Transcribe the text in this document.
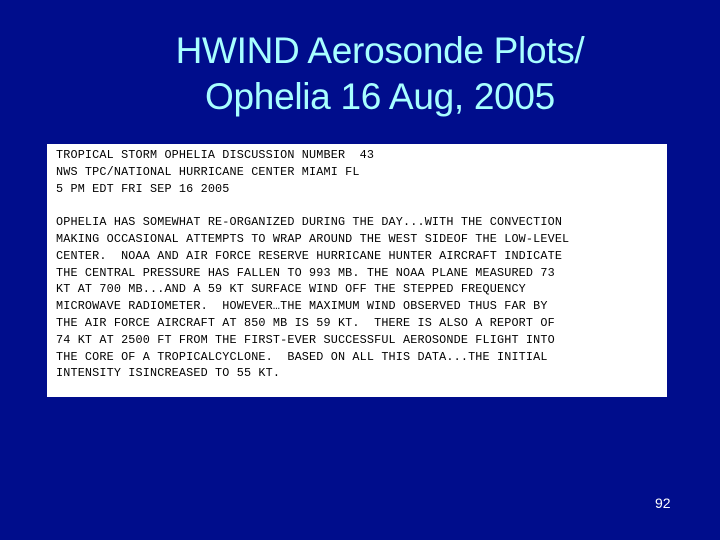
HWIND Aerosonde Plots/
Ophelia 16 Aug, 2005
TROPICAL STORM OPHELIA DISCUSSION NUMBER  43
NWS TPC/NATIONAL HURRICANE CENTER MIAMI FL
5 PM EDT FRI SEP 16 2005
OPHELIA HAS SOMEWHAT RE-ORGANIZED DURING THE DAY...WITH THE CONVECTION
MAKING OCCASIONAL ATTEMPTS TO WRAP AROUND THE WEST SIDEOF THE LOW-LEVEL
CENTER.  NOAA AND AIR FORCE RESERVE HURRICANE HUNTER AIRCRAFT INDICATE
THE CENTRAL PRESSURE HAS FALLEN TO 993 MB. THE NOAA PLANE MEASURED 73
KT AT 700 MB...AND A 59 KT SURFACE WIND OFF THE STEPPED FREQUENCY
MICROWAVE RADIOMETER.  HOWEVER…THE MAXIMUM WIND OBSERVED THUS FAR BY
THE AIR FORCE AIRCRAFT AT 850 MB IS 59 KT.  THERE IS ALSO A REPORT OF
74 KT AT 2500 FT FROM THE FIRST-EVER SUCCESSFUL AEROSONDE FLIGHT INTO
THE CORE OF A TROPICALCYCLONE.  BASED ON ALL THIS DATA...THE INITIAL
INTENSITY ISINCREASED TO 55 KT.
92
